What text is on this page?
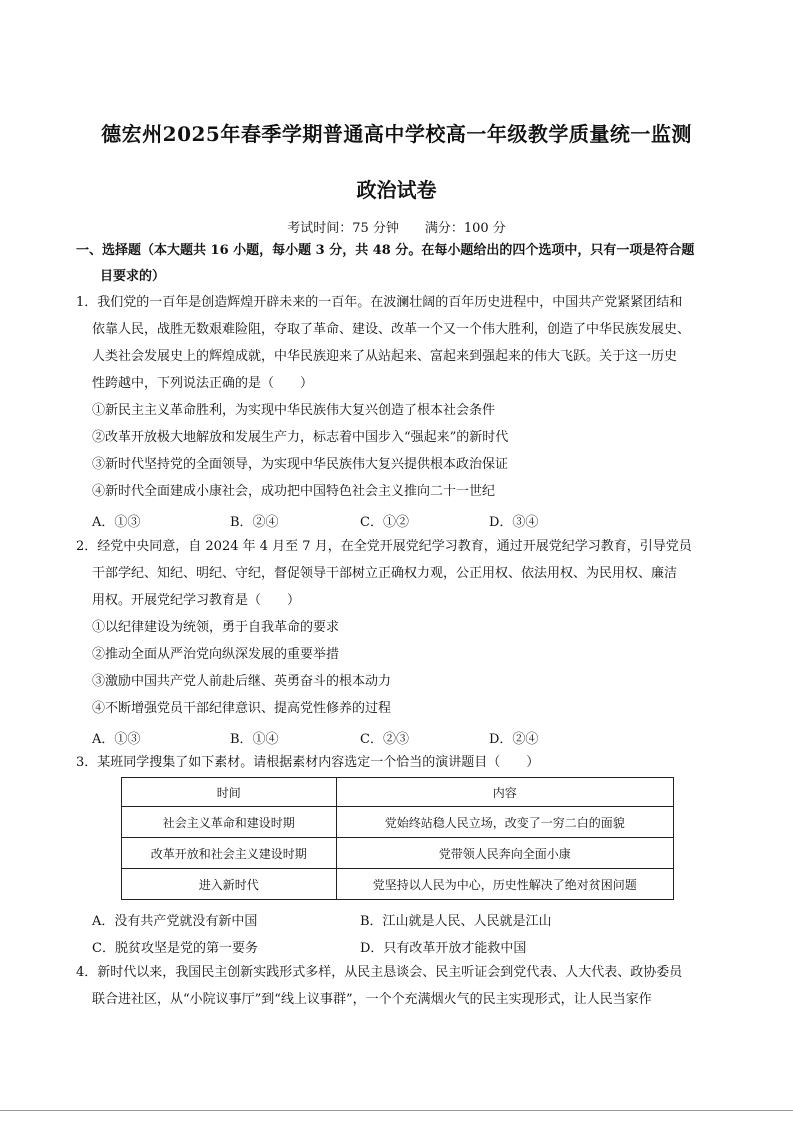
德宏州2025年春季学期普通高中学校高一年级教学质量统一监测
政治试卷
考试时间：75 分钟　　满分：100 分
一、选择题（本大题共 16 小题，每小题 3 分，共 48 分。在每小题给出的四个选项中，只有一项是符合题
目要求的）
1．我们党的一百年是创造辉煌开辟未来的一百年。在波澜壮阔的百年历史进程中，中国共产党紧紧团结和
依靠人民，战胜无数艰难险阻，夺取了革命、建设、改革一个又一个伟大胜利，创造了中华民族发展史、
人类社会发展史上的辉煌成就，中华民族迎来了从站起来、富起来到强起来的伟大飞跃。关于这一历史
性跨越中，下列说法正确的是（　　）
①新民主主义革命胜利，为实现中华民族伟大复兴创造了根本社会条件
②改革开放极大地解放和发展生产力，标志着中国步入“强起来”的新时代
③新时代坚持党的全面领导，为实现中华民族伟大复兴提供根本政治保证
④新时代全面建成小康社会，成功把中国特色社会主义推向二十一世纪
A．①③	B．②④	C．①②	D．③④
2．经党中央同意，自 2024 年 4 月至 7 月，在全党开展党纪学习教育，通过开展党纪学习教育，引导党员
干部学纪、知纪、明纪、守纪，督促领导干部树立正确权力观，公正用权、依法用权、为民用权、廉洁
用权。开展党纪学习教育是（　　）
①以纪律建设为统领，勇于自我革命的要求
②推动全面从严治党向纵深发展的重要举措
③激励中国共产党人前赴后继、英勇奋斗的根本动力
④不断增强党员干部纪律意识、提高党性修养的过程
A．①③	B．①④	C．②③	D．②④
3．某班同学搜集了如下素材。请根据素材内容选定一个恰当的演讲题目（　　）
时间	内容
社会主义革命和建设时期	党始终站稳人民立场，改变了一穷二白的面貌
改革开放和社会主义建设时期	党带领人民奔向全面小康
进入新时代	党坚持以人民为中心，历史性解决了绝对贫困问题
A．没有共产党就没有新中国	B．江山就是人民、人民就是江山
C．脱贫攻坚是党的第一要务	D．只有改革开放才能救中国
4．新时代以来，我国民主创新实践形式多样，从民主恳谈会、民主听证会到党代表、人大代表、政协委员
联合进社区，从“小院议事厅”到“线上议事群”，一个个充满烟火气的民主实现形式，让人民当家作
